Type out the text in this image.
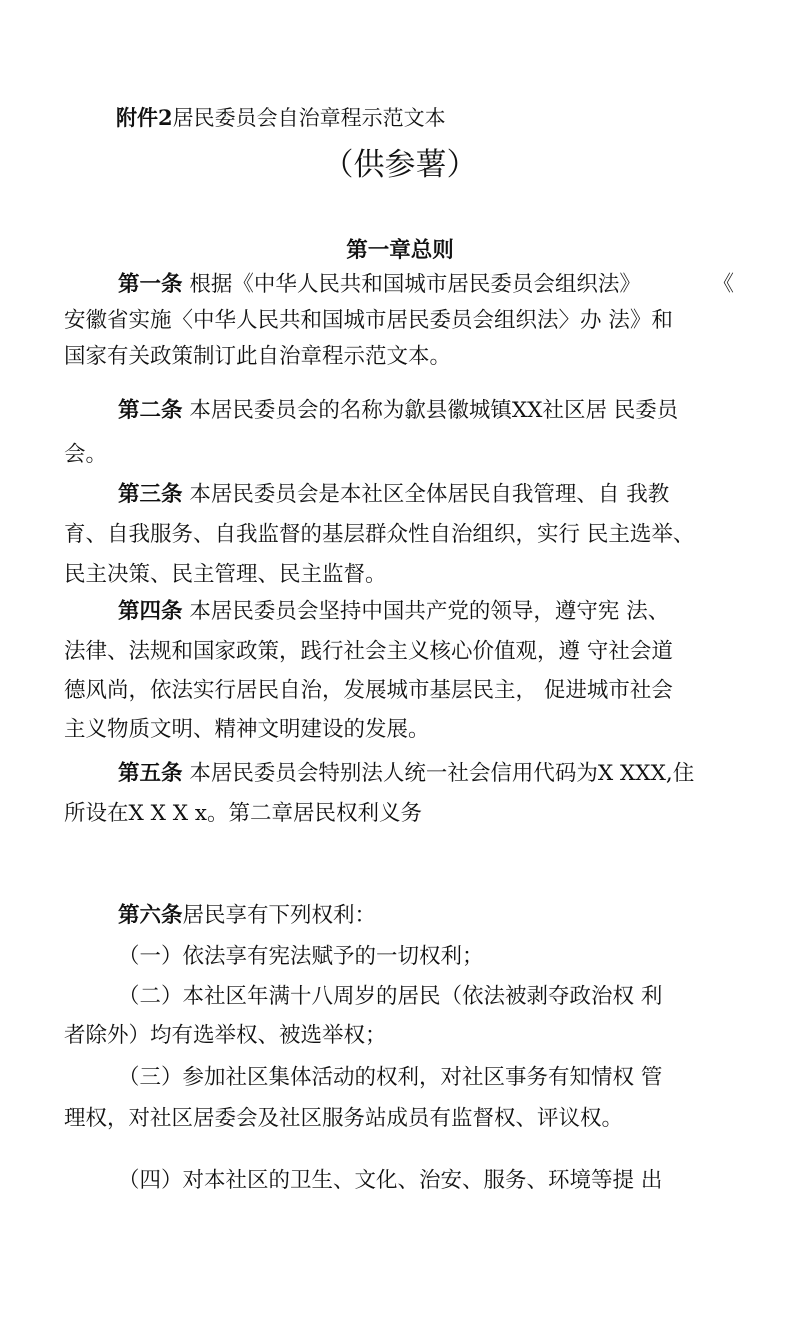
附件2居民委员会自治章程示范文本
（供参薯）
第一章总则
第一条 根据《中华人民共和国城市居民委员会组织法》	《
安徽省实施〈中华人民共和国城市居民委员会组织法〉办 法》和
国家有关政策制订此自治章程示范文本。
第二条 本居民委员会的名称为歙县徽城镇XX社区居 民委员
会。
第三条 本居民委员会是本社区全体居民自我管理、自 我教
育、自我服务、自我监督的基层群众性自治组织，实行 民主选举、
民主决策、民主管理、民主监督。
第四条 本居民委员会坚持中国共产党的领导，遵守宪 法、
法律、法规和国家政策，践行社会主义核心价值观，遵 守社会道
德风尚，依法实行居民自治，发展城市基层民主， 促进城市社会
主义物质文明、精神文明建设的发展。
第五条 本居民委员会特别法人统一社会信用代码为X XXX,住
所设在X X X x。第二章居民权利义务
第六条居民享有下列权利：
（一）依法享有宪法赋予的一切权利；
（二）本社区年满十八周岁的居民（依法被剥夺政治权 利
者除外）均有选举权、被选举权；
（三）参加社区集体活动的权利，对社区事务有知情权 管
理权，对社区居委会及社区服务站成员有监督权、评议权。
（四）对本社区的卫生、文化、治安、服务、环境等提 出
